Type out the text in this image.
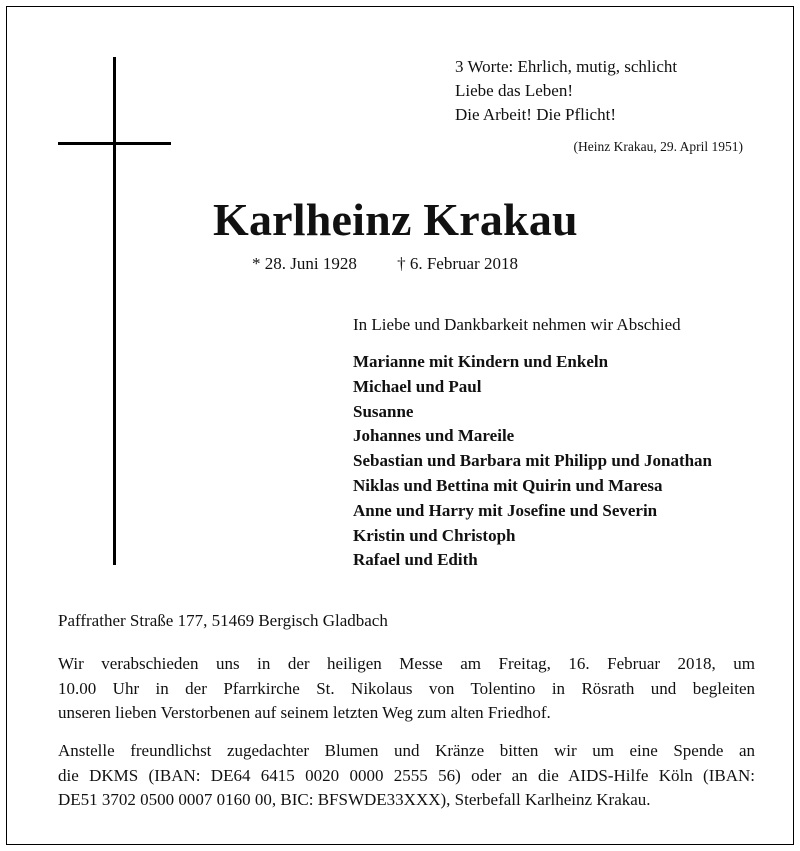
3 Worte: Ehrlich, mutig, schlicht
Liebe das Leben!
Die Arbeit! Die Pflicht!
(Heinz Krakau, 29. April 1951)
Karlheinz Krakau
* 28. Juni 1928 † 6. Februar 2018
In Liebe und Dankbarkeit nehmen wir Abschied
Marianne mit Kindern und Enkeln
Michael und Paul
Susanne
Johannes und Mareile
Sebastian und Barbara mit Philipp und Jonathan
Niklas und Bettina mit Quirin und Maresa
Anne und Harry mit Josefine und Severin
Kristin und Christoph
Rafael und Edith
Paffrather Straße 177, 51469 Bergisch Gladbach

Wir verabschieden uns in der heiligen Messe am Freitag, 16. Februar 2018, um
10.00 Uhr in der Pfarrkirche St. Nikolaus von Tolentino in Rösrath und begleiten
unseren lieben Verstorbenen auf seinem letzten Weg zum alten Friedhof.

Anstelle freundlichst zugedachter Blumen und Kränze bitten wir um eine Spende an
die DKMS (IBAN: DE64 6415 0020 0000 2555 56) oder an die AIDS-Hilfe Köln (IBAN:
DE51 3702 0500 0007 0160 00, BIC: BFSWDE33XXX), Sterbefall Karlheinz Krakau.
